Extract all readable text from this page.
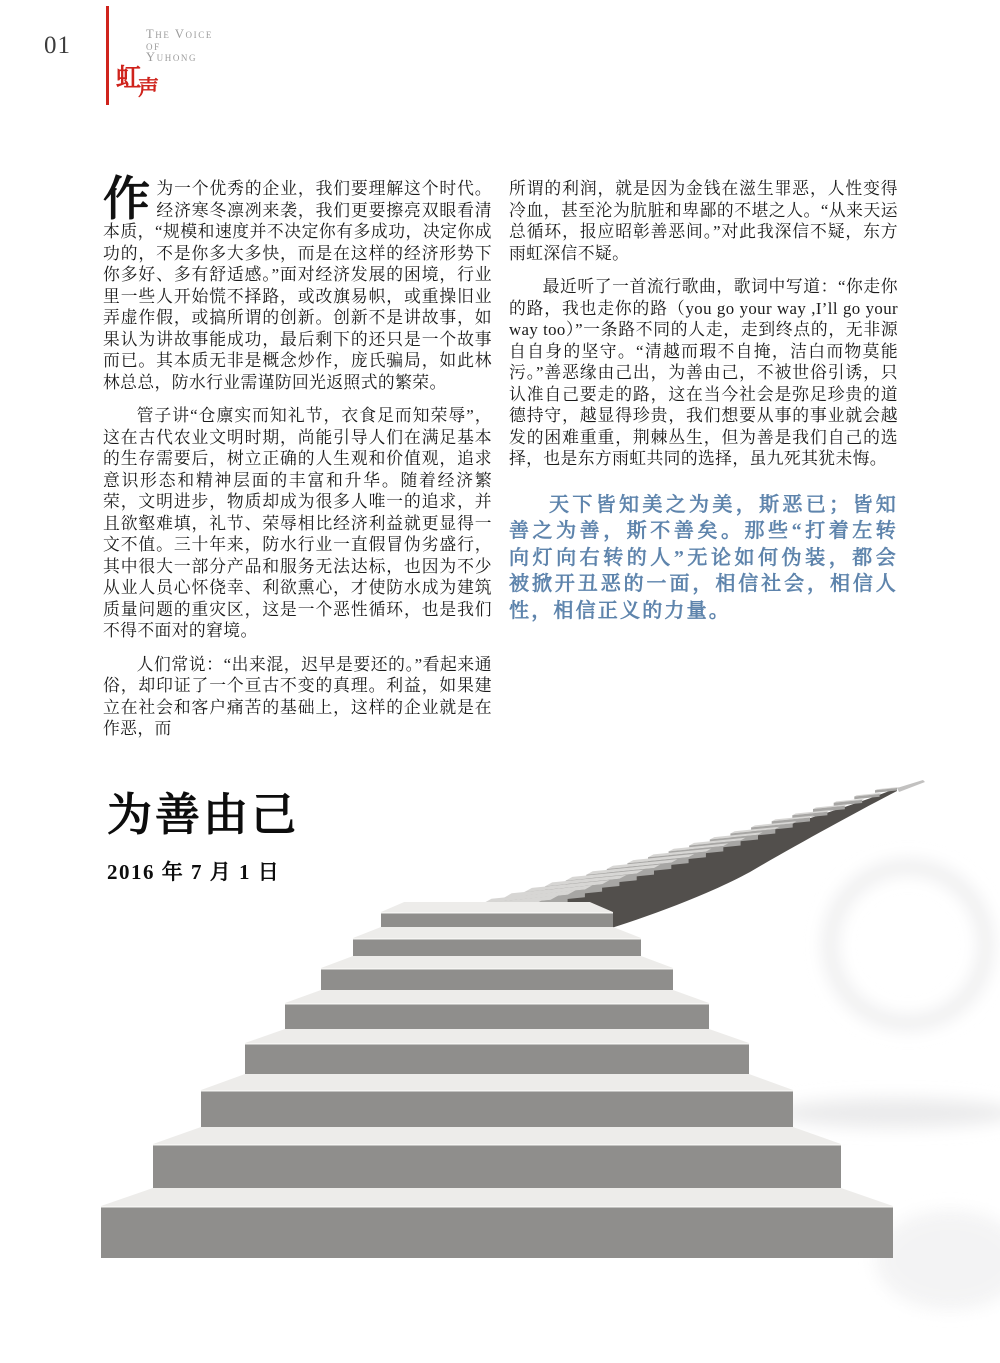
01	The Voice
of
Yuhong
虹声

作为一个优秀的企业，我们要理解这个时代。经济寒冬凛冽来袭，我们更要擦亮双眼看清本质，“规模和速度并不决定你有多成功，决定你成功的，不是你多大多快，而是在这样的经济形势下你多好、多有舒适感。”面对经济发展的困境，行业里一些人开始慌不择路，或改旗易帜，或重操旧业弄虚作假，或搞所谓的创新。创新不是讲故事，如果认为讲故事能成功，最后剩下的还只是一个故事而已。其本质无非是概念炒作，庞氏骗局，如此林林总总，防水行业需谨防回光返照式的繁荣。

管子讲“仓廪实而知礼节，衣食足而知荣辱”，这在古代农业文明时期，尚能引导人们在满足基本的生存需要后，树立正确的人生观和价值观，追求意识形态和精神层面的丰富和升华。随着经济繁荣，文明进步，物质却成为很多人唯一的追求，并且欲壑难填，礼节、荣辱相比经济利益就更显得一文不值。三十年来，防水行业一直假冒伪劣盛行，其中很大一部分产品和服务无法达标，也因为不少从业人员心怀侥幸、利欲熏心，才使防水成为建筑质量问题的重灾区，这是一个恶性循环，也是我们不得不面对的窘境。

人们常说：“出来混，迟早是要还的。”看起来通俗，却印证了一个亘古不变的真理。利益，如果建立在社会和客户痛苦的基础上，这样的企业就是在作恶，而

所谓的利润，就是因为金钱在滋生罪恶，人性变得冷血，甚至沦为肮脏和卑鄙的不堪之人。“从来天运总循环，报应昭彰善恶间。”对此我深信不疑，东方雨虹深信不疑。

最近听了一首流行歌曲，歌词中写道：“你走你的路，我也走你的路（you go your way ,I’ll go your way too）”一条路不同的人走，走到终点的，无非源自自身的坚守。“清越而瑕不自掩，洁白而物莫能污。”善恶缘由己出，为善由己，不被世俗引诱，只认准自己要走的路，这在当今社会是弥足珍贵的道德持守，越显得珍贵，我们想要从事的事业就会越发的困难重重，荆棘丛生，但为善是我们自己的选择，也是东方雨虹共同的选择，虽九死其犹未悔。

天下皆知美之为美，斯恶已；皆知善之为善，斯不善矣。那些“打着左转向灯向右转的人”无论如何伪装，都会被掀开丑恶的一面，相信社会，相信人性，相信正义的力量。

为善由己
2016 年 7 月 1 日
